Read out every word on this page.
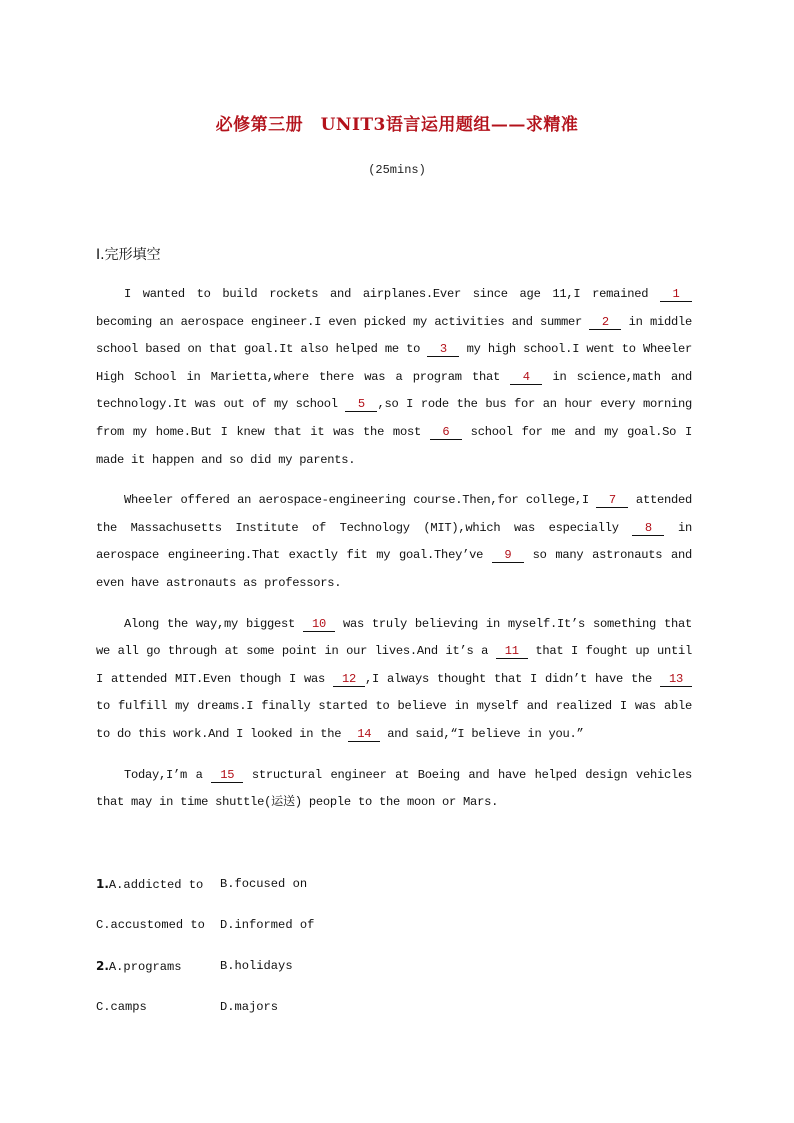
必修第三册　UNIT3语言运用题组——求精准
(25mins)
Ⅰ.完形填空

I wanted to build rockets and airplanes.Ever since age 11,I remained 1 becoming an aerospace engineer.I even picked my activities and summer 2 in middle school based on that goal.It also helped me to 3 my high school.I went to Wheeler High School in Marietta,where there was a program that 4 in science,math and technology.It was out of my school 5 ,so I rode the bus for an hour every morning from my home.But I knew that it was the most 6 school for me and my goal.So I made it happen and so did my parents.

Wheeler offered an aerospace-engineering course.Then,for college,I 7 attended the Massachusetts Institute of Technology (MIT),which was especially 8 in aerospace engineering.That exactly fit my goal.They’ve 9 so many astronauts and even have astronauts as professors.

Along the way,my biggest 10 was truly believing in myself.It’s something that we all go through at some point in our lives.And it’s a 11 that I fought up until I attended MIT.Even though I was 12 ,I always thought that I didn’t have the 13 to fulfill my dreams.I finally started to believe in myself and realized I was able to do this work.And I looked in the 14 and said,“I believe in you.”

Today,I’m a 15 structural engineer at Boeing and have helped design vehicles that may in time shuttle(运送) people to the moon or Mars.

1.A.addicted to	B.focused on
C.accustomed to	D.informed of
2.A.programs	B.holidays
C.camps	D.majors
